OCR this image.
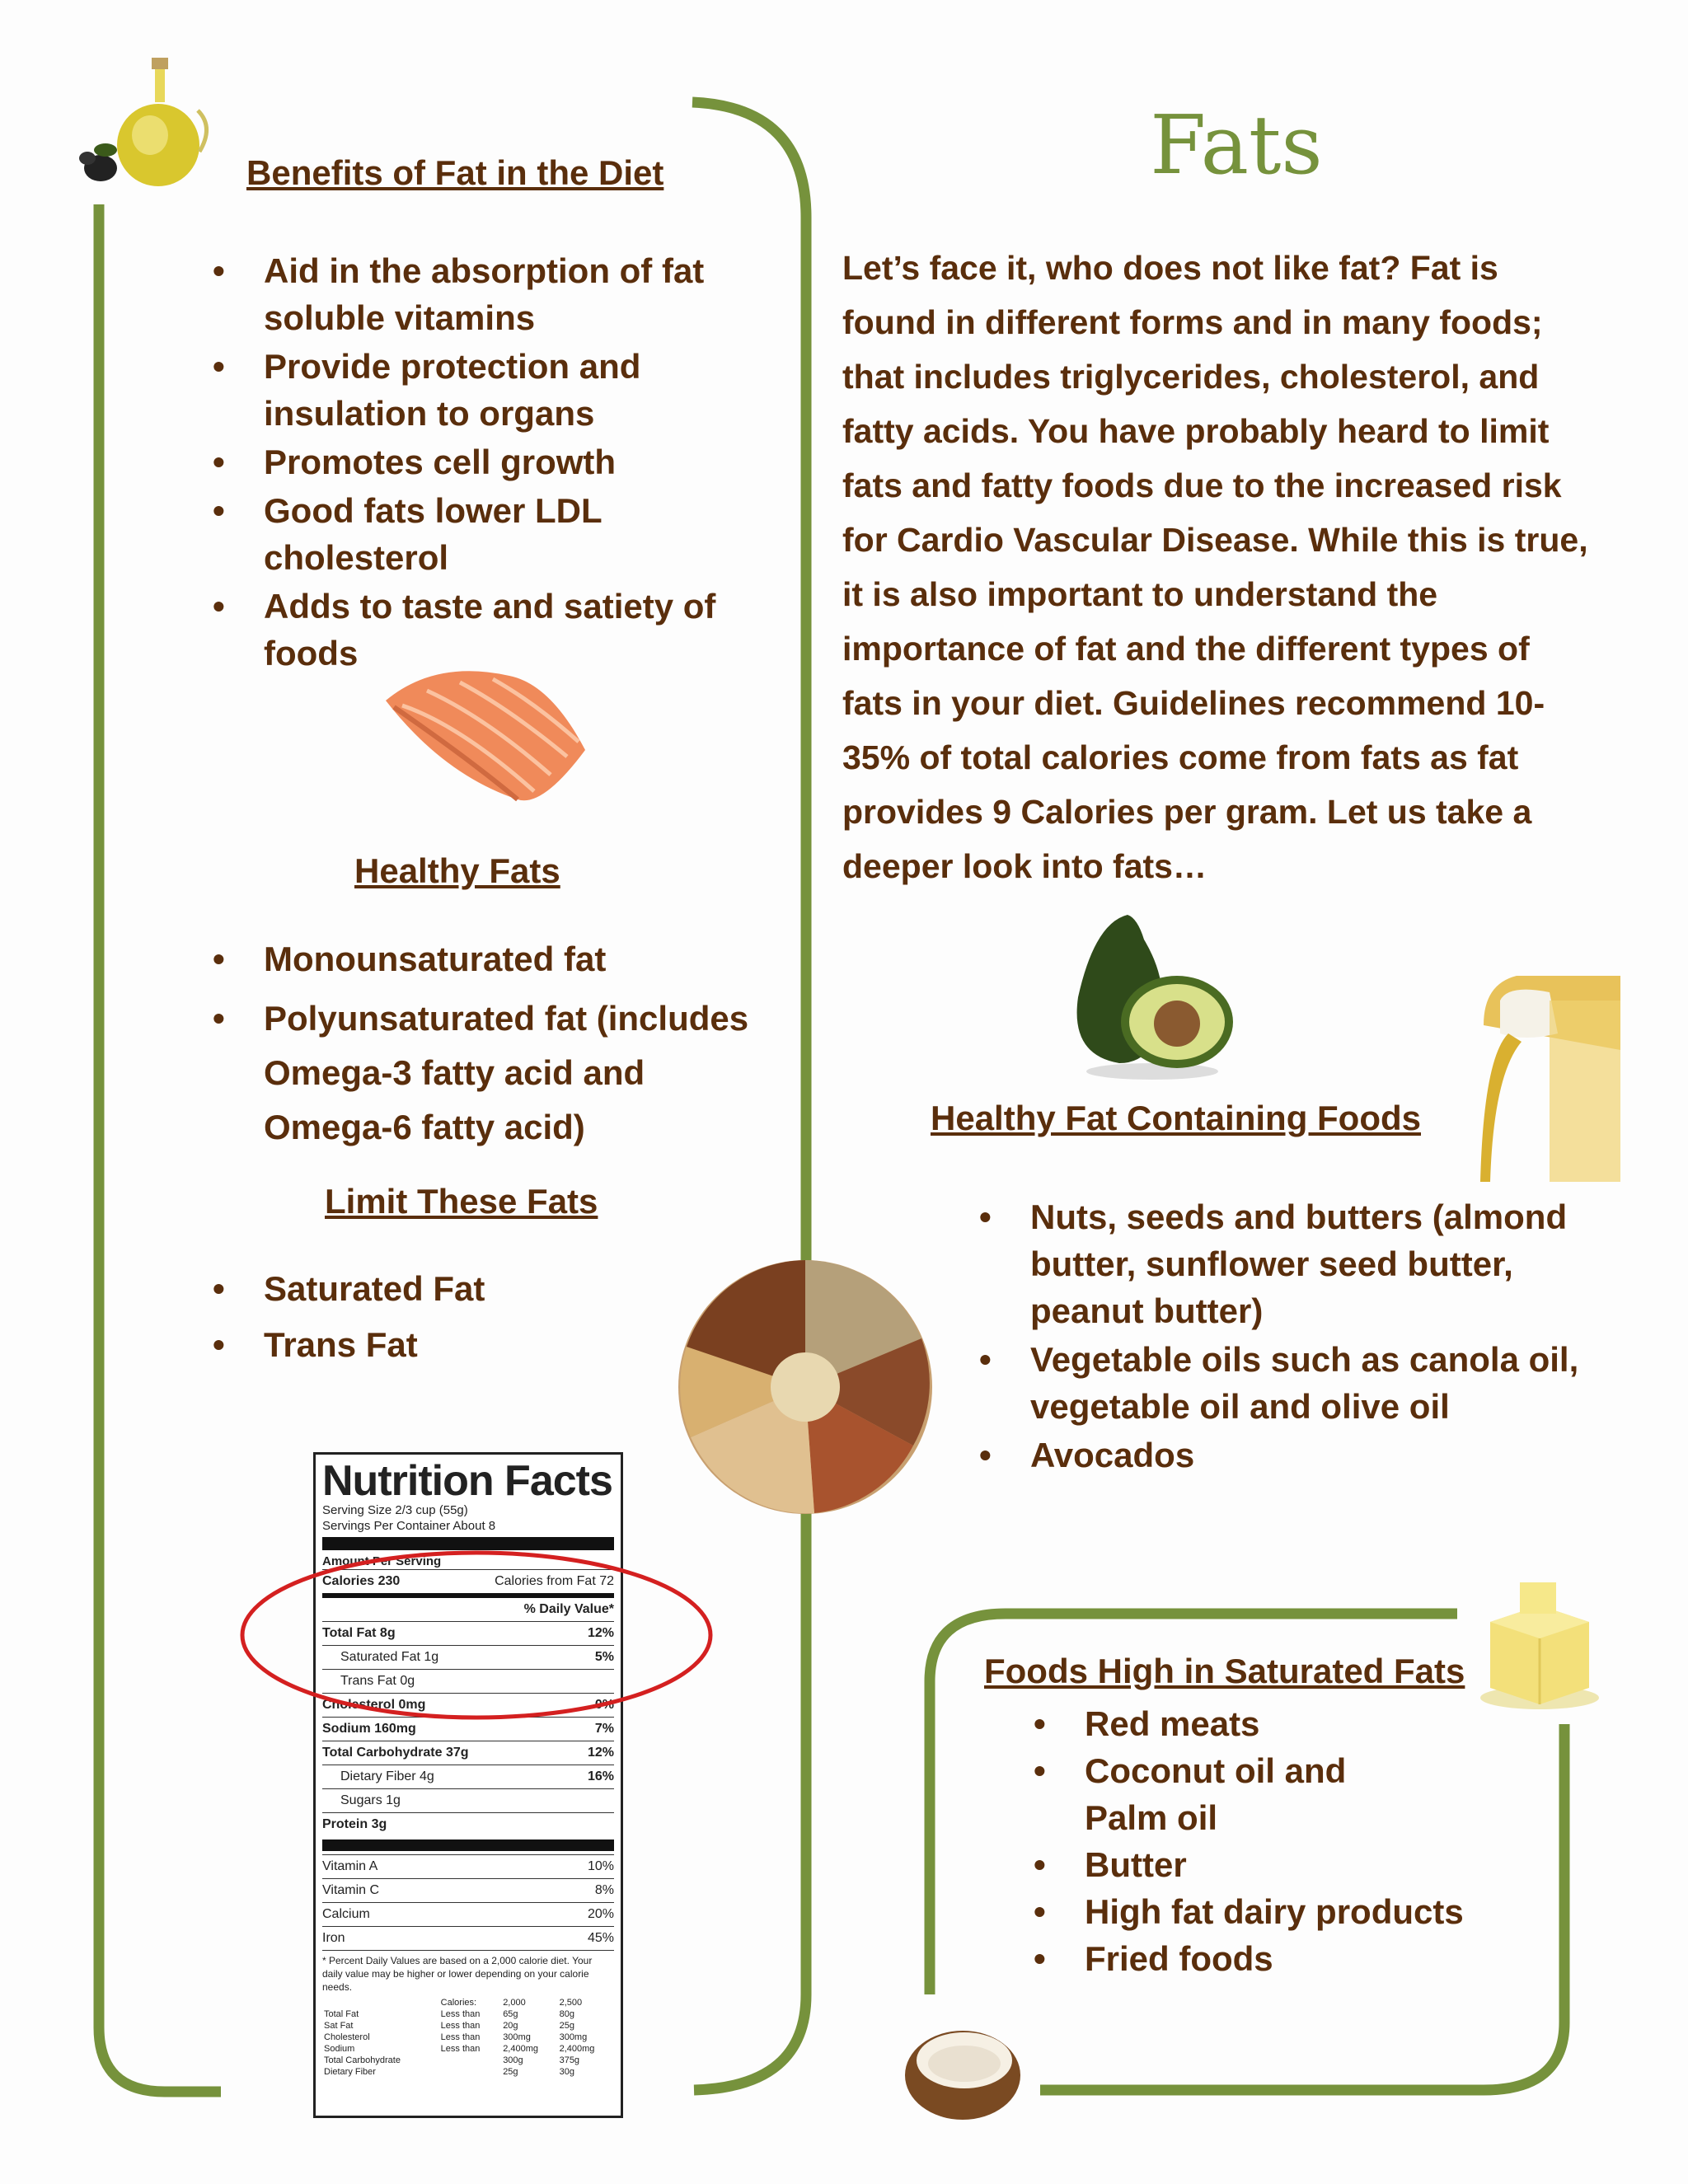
Fats
Benefits of Fat in the Diet
• Aid in the absorption of fat
soluble vitamins
• Provide protection and
insulation to organs
• Promotes cell growth
• Good fats lower LDL
cholesterol
• Adds to taste and satiety of
foods
Healthy Fats
• Monounsaturated fat
• Polyunsaturated fat (includes
Omega-3 fatty acid and
Omega-6 fatty acid)
Limit These Fats
• Saturated Fat
• Trans Fat
Nutrition Facts
Serving Size 2/3 cup (55g)
Servings Per Container About 8
Amount Per Serving
Calories 230	Calories from Fat 72
% Daily Value*
Total Fat 8g	12%
Saturated Fat 1g	5%
Trans Fat 0g
Cholesterol 0mg	0%
Sodium 160mg	7%
Total Carbohydrate 37g	12%
Dietary Fiber 4g	16%
Sugars 1g
Protein 3g
Vitamin A	10%
Vitamin C	8%
Calcium	20%
Iron	45%
* Percent Daily Values are based on a 2,000 calorie diet. Your daily value may be higher or lower depending on your calorie needs.
	Calories:	2,000	2,500
Total Fat	Less than	65g	80g
Sat Fat	Less than	20g	25g
Cholesterol	Less than	300mg	300mg
Sodium	Less than	2,400mg	2,400mg
Total Carbohydrate		300g	375g
Dietary Fiber		25g	30g
Let’s face it, who does not like fat? Fat is
found in different forms and in many foods;
that includes triglycerides, cholesterol, and
fatty acids. You have probably heard to limit
fats and fatty foods due to the increased risk
for Cardio Vascular Disease. While this is true,
it is also important to understand the
importance of fat and the different types of
fats in your diet. Guidelines recommend 10-
35% of total calories come from fats as fat
provides 9 Calories per gram. Let us take a
deeper look into fats…
Healthy Fat Containing Foods
• Nuts, seeds and butters (almond
butter, sunflower seed butter,
peanut butter)
• Vegetable oils such as canola oil,
vegetable oil and olive oil
• Avocados
Foods High in Saturated Fats
• Red meats
• Coconut oil and
Palm oil
• Butter
• High fat dairy products
• Fried foods
